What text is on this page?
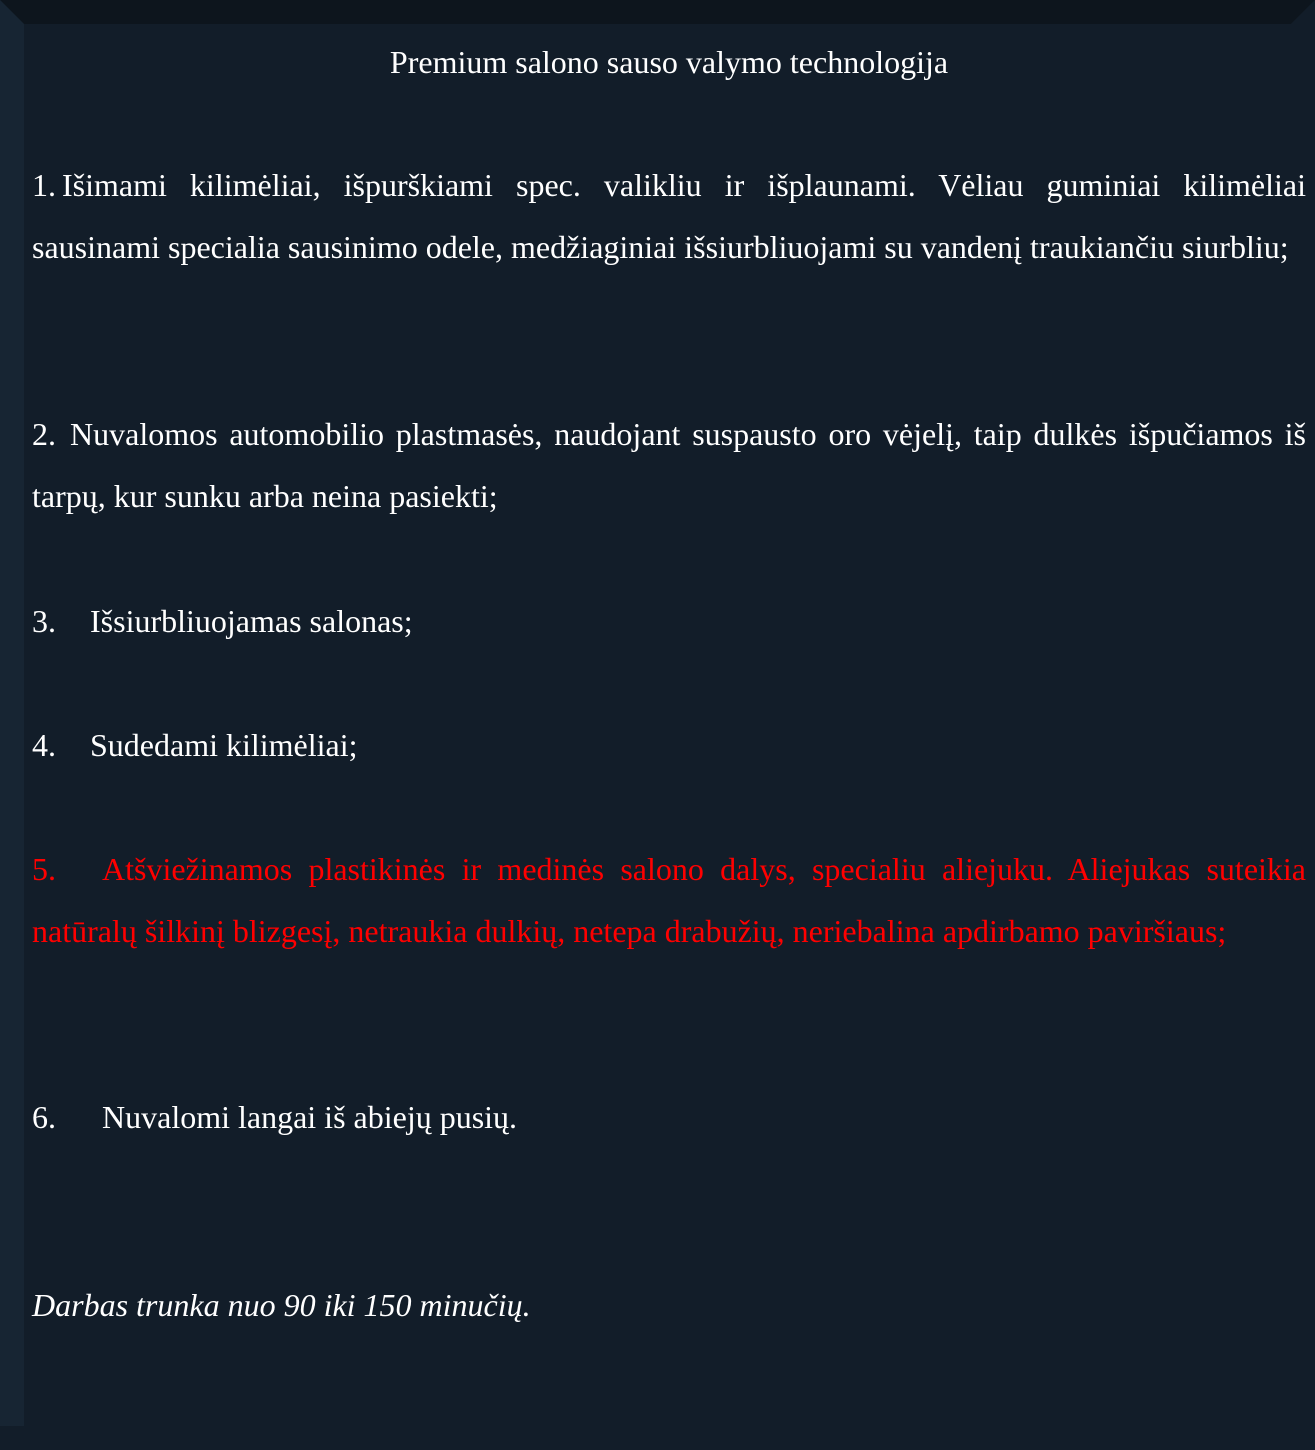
Premium salono sauso valymo technologija

1. Išimami kilimėliai, išpurškiami spec. valikliu ir išplaunami. Vėliau guminiai kilimėliai sausinami specialia sausinimo odele, medžiaginiai išsiurbliuojami su vandenį traukiančiu siurbliu;

2. Nuvalomos automobilio plastmasės, naudojant suspausto oro vėjelį, taip dulkės išpučiamos iš tarpų, kur sunku arba neina pasiekti;

3. Išsiurbliuojamas salonas;

4. Sudedami kilimėliai;

5. Atšviežinamos plastikinės ir medinės salono dalys, specialiu aliejuku. Aliejukas suteikia natūralų šilkinį blizgesį, netraukia dulkių, netepa drabužių, neriebalina apdirbamo paviršiaus;

6. Nuvalomi langai iš abiejų pusių.

Darbas trunka nuo 90 iki 150 minučių.
